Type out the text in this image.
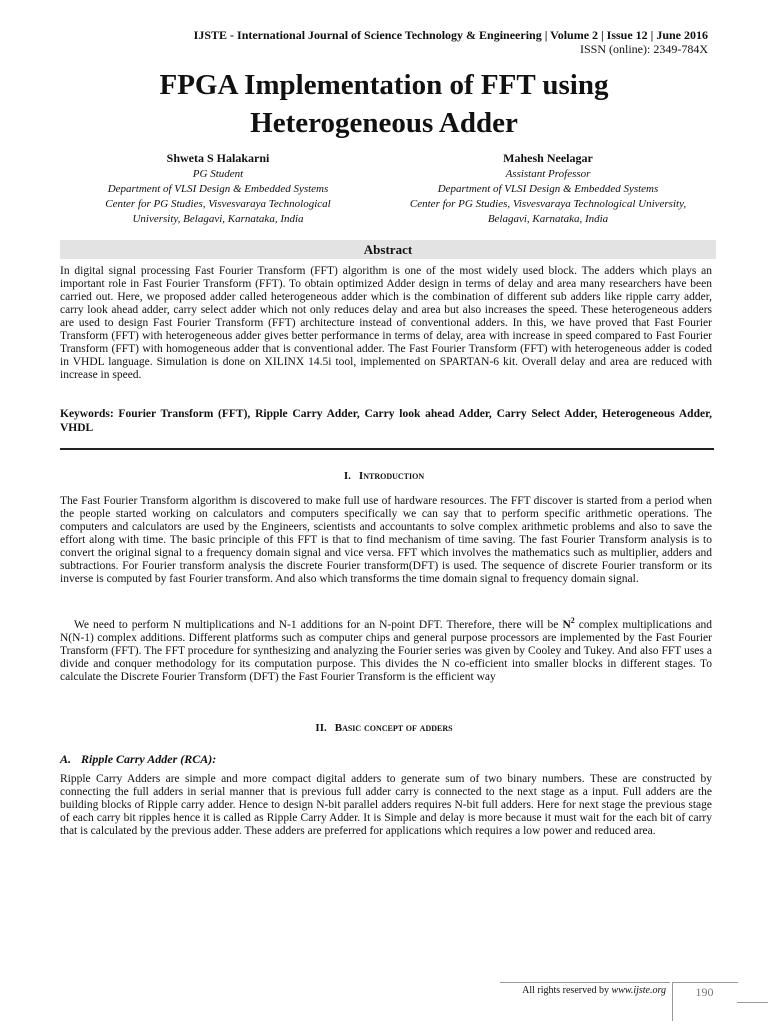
IJSTE - International Journal of Science Technology & Engineering | Volume 2 | Issue 12 | June 2016
ISSN (online): 2349-784X
FPGA Implementation of FFT using
Heterogeneous Adder
Shweta S Halakarni
PG Student
Department of VLSI Design & Embedded Systems
Center for PG Studies, Visvesvaraya Technological
University, Belagavi, Karnataka, India
Mahesh Neelagar
Assistant Professor
Department of VLSI Design & Embedded Systems
Center for PG Studies, Visvesvaraya Technological University,
Belagavi, Karnataka, India
Abstract
In digital signal processing Fast Fourier Transform (FFT) algorithm is one of the most widely used block. The adders which plays an important role in Fast Fourier Transform (FFT). To obtain optimized Adder design in terms of delay and area many researchers have been carried out. Here, we proposed adder called heterogeneous adder which is the combination of different sub adders like ripple carry adder, carry look ahead adder, carry select adder which not only reduces delay and area but also increases the speed. These heterogeneous adders are used to design Fast Fourier Transform (FFT) architecture instead of conventional adders. In this, we have proved that Fast Fourier Transform (FFT) with heterogeneous adder gives better performance in terms of delay, area with increase in speed compared to Fast Fourier Transform (FFT) with homogeneous adder that is conventional adder. The Fast Fourier Transform (FFT) with heterogeneous adder is coded in VHDL language. Simulation is done on XILINX 14.5i tool, implemented on SPARTAN-6 kit. Overall delay and area are reduced with increase in speed.
Keywords: Fourier Transform (FFT), Ripple Carry Adder, Carry look ahead Adder, Carry Select Adder, Heterogeneous Adder, VHDL
I. Introduction
The Fast Fourier Transform algorithm is discovered to make full use of hardware resources. The FFT discover is started from a period when the people started working on calculators and computers specifically we can say that to perform specific arithmetic operations. The computers and calculators are used by the Engineers, scientists and accountants to solve complex arithmetic problems and also to save the effort along with time. The basic principle of this FFT is that to find mechanism of time saving. The fast Fourier Transform analysis is to convert the original signal to a frequency domain signal and vice versa. FFT which involves the mathematics such as multiplier, adders and subtractions. For Fourier transform analysis the discrete Fourier transform(DFT) is used. The sequence of discrete Fourier transform or its inverse is computed by fast Fourier transform. And also which transforms the time domain signal to frequency domain signal.
We need to perform N multiplications and N-1 additions for an N-point DFT. Therefore, there will be $N^2$ complex multiplications and N(N-1) complex additions. Different platforms such as computer chips and general purpose processors are implemented by the Fast Fourier Transform (FFT). The FFT procedure for synthesizing and analyzing the Fourier series was given by Cooley and Tukey. And also FFT uses a divide and conquer methodology for its computation purpose. This divides the N co-efficient into smaller blocks in different stages. To calculate the Discrete Fourier Transform (DFT) the Fast Fourier Transform is the efficient way
II. Basic concept of adders
A. Ripple Carry Adder (RCA):
Ripple Carry Adders are simple and more compact digital adders to generate sum of two binary numbers. These are constructed by connecting the full adders in serial manner that is previous full adder carry is connected to the next stage as a input. Full adders are the building blocks of Ripple carry adder. Hence to design N-bit parallel adders requires N-bit full adders. Here for next stage the previous stage of each carry bit ripples hence it is called as Ripple Carry Adder. It is Simple and delay is more because it must wait for the each bit of carry that is calculated by the previous adder. These adders are preferred for applications which requires a low power and reduced area.
All rights reserved by www.ijste.org	190
